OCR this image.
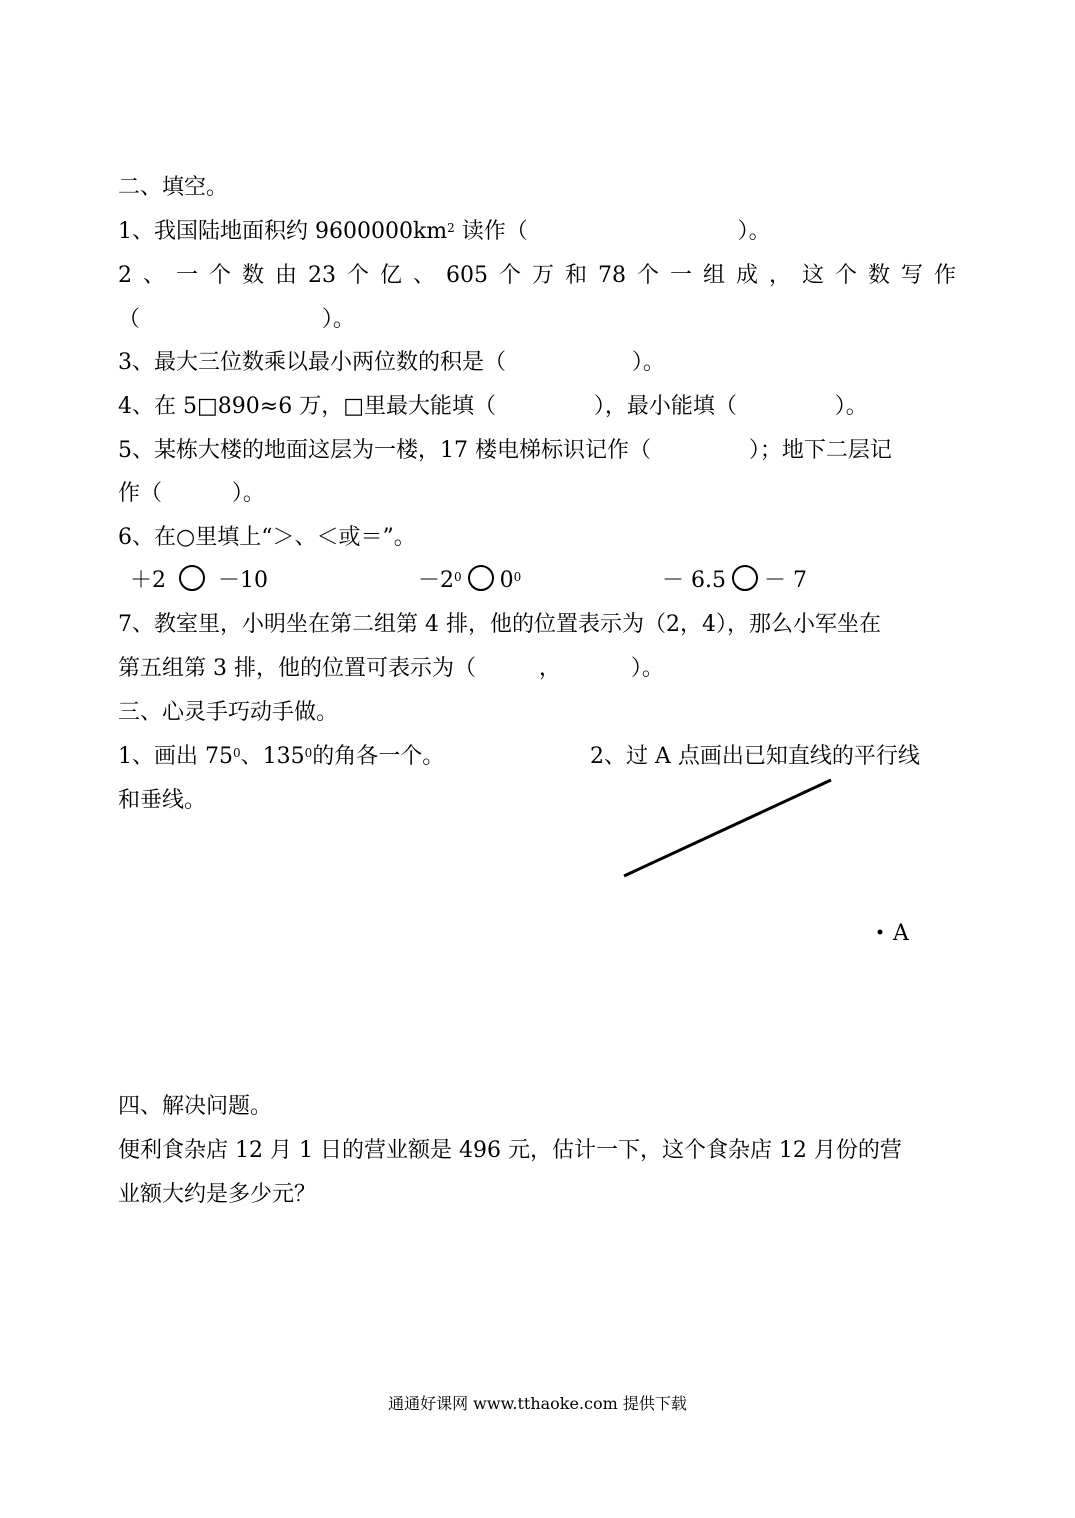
二、填空。
1、我国陆地面积约 $9600000km^2$ 读作（                              ）。
2 、 一 个 数 由 23 个 亿 、 605 个 万 和 78 个 一 组 成 ， 这 个 数 写 作
（                          ）。
3、最大三位数乘以最小两位数的积是（                  ）。
4、在 5□890≈6 万，□里最大能填（              ），最小能填（              ）。
5、某栋大楼的地面这层为一楼，17 楼电梯标识记作（              ）；地下二层记
作（          ）。
6、在○里填上“＞、＜或＝”。
＋2 －10	$-2^0$ $0^0$	－ 6.5 － 7
7、教室里，小明坐在第二组第 4 排，他的位置表示为（2，4），那么小军坐在
第五组第 3 排，他的位置可表示为（         ，          ）。
三、心灵手巧动手做。
1、画出 $75^0$、$135^0$的角各一个。	2、过 A 点画出已知直线的平行线
和垂线。
A
四、解决问题。
便利食杂店 12 月 1 日的营业额是 496 元，估计一下，这个食杂店 12 月份的营
业额大约是多少元？
通通好课网 www.tthaoke.com 提供下载
